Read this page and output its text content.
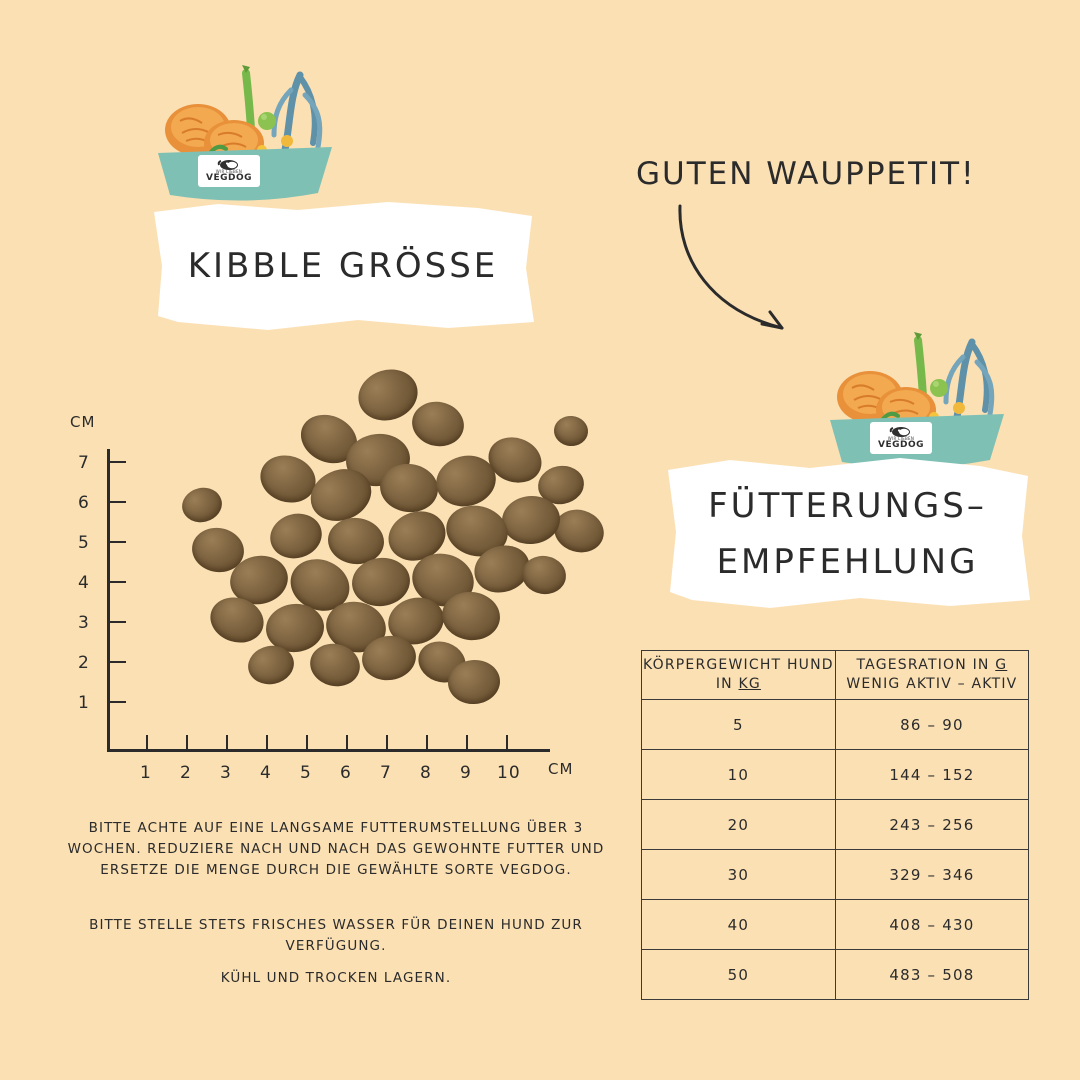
WIR LIEBEN
VEGDOG
KIBBLE GRÖSSE
GUTEN WAUPPETIT!
WIR LIEBEN
VEGDOG
FÜTTERUNGS–
EMPFEHLUNG
CM
CM
7
6
5
4
3
2
1
1 2 3 4 5 6 7 8 9 10
BITTE ACHTE AUF EINE LANGSAME FUTTERUMSTELLUNG ÜBER 3 WOCHEN. REDUZIERE NACH UND NACH DAS GEWOHNTE FUTTER UND ERSETZE DIE MENGE DURCH DIE GEWÄHLTE SORTE VEGDOG.
BITTE STELLE STETS FRISCHES WASSER FÜR DEINEN HUND ZUR VERFÜGUNG.
KÜHL UND TROCKEN LAGERN.
KÖRPERGEWICHT HUND
IN KG

TAGESRATION IN G
WENIG AKTIV – AKTIV

5	86 – 90
10	144 – 152
20	243 – 256
30	329 – 346
40	408 – 430
50	483 – 508
